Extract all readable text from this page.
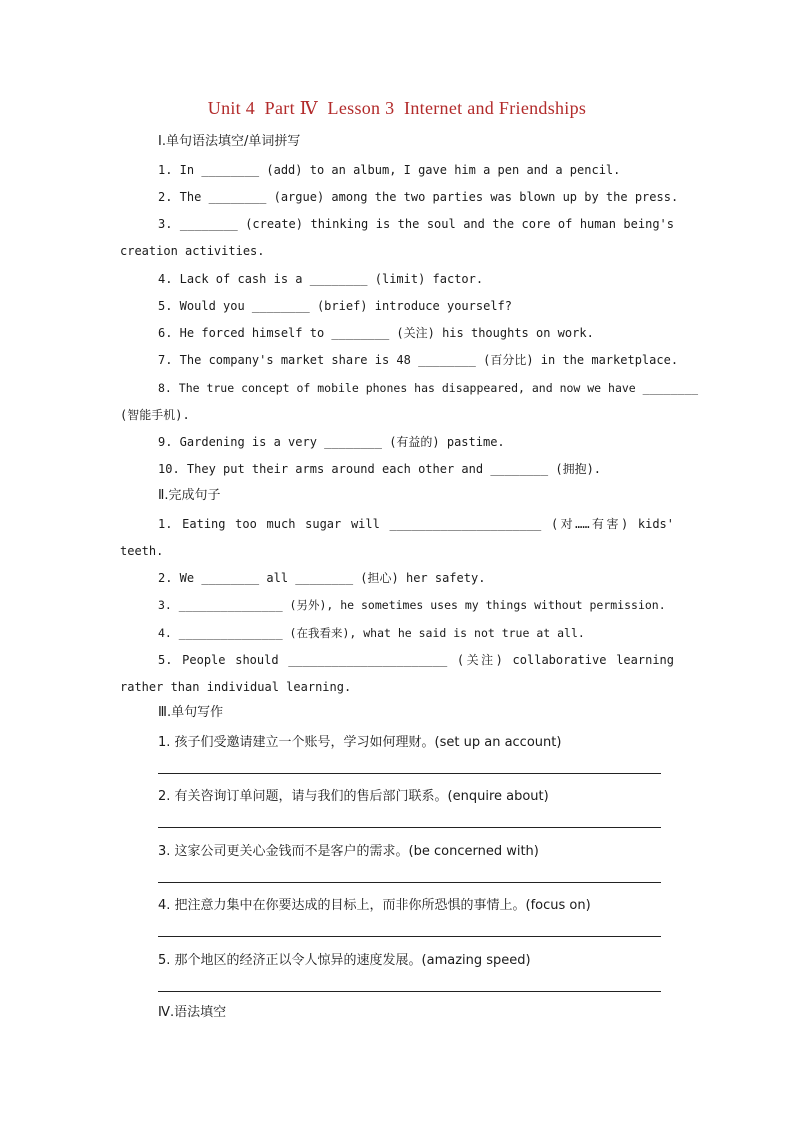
Unit 4  Part Ⅳ  Lesson 3  Internet and Friendships
Ⅰ.单句语法填空/单词拼写
1. In ________ (add) to an album, I gave him a pen and a pencil.
2. The ________ (argue) among the two parties was blown up by the press.
3. ________ (create) thinking is the soul and the core of human being's
creation activities.
4. Lack of cash is a ________ (limit) factor.
5. Would you ________ (brief) introduce yourself?
6. He forced himself to ________ (关注) his thoughts on work.
7. The company's market share is 48 ________ (百分比) in the marketplace.
8. The true concept of mobile phones has disappeared, and now we have ________
(智能手机).
9. Gardening is a very ________ (有益的) pastime.
10. They put their arms around each other and ________ (拥抱).
Ⅱ.完成句子
1. Eating too much sugar will _____________________ (对……有害) kids'
teeth.
2. We ________ all ________ (担心) her safety.
3. _______________ (另外), he sometimes uses my things without permission.
4. _______________ (在我看来), what he said is not true at all.
5. People should ______________________ (关注) collaborative learning
rather than individual learning.
Ⅲ.单句写作
1. 孩子们受邀请建立一个账号，学习如何理财。(set up an account)
2. 有关咨询订单问题，请与我们的售后部门联系。(enquire about)
3. 这家公司更关心金钱而不是客户的需求。(be concerned with)
4. 把注意力集中在你要达成的目标上，而非你所恐惧的事情上。(focus on)
5. 那个地区的经济正以令人惊异的速度发展。(amazing speed)
Ⅳ.语法填空
